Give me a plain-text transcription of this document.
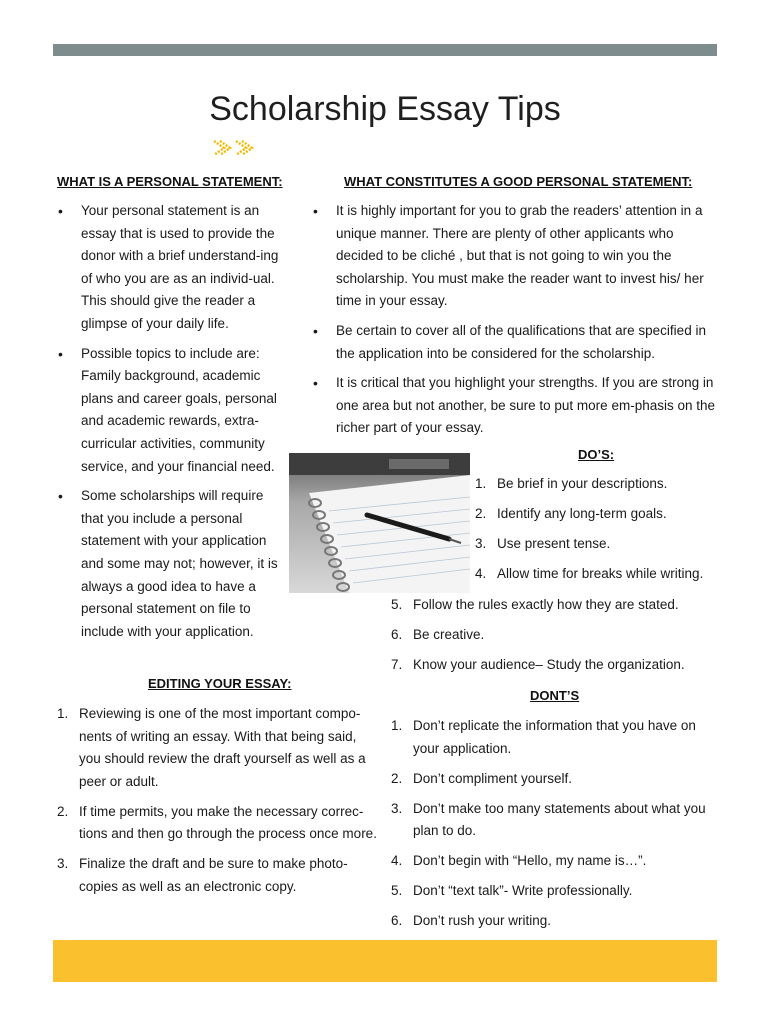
Scholarship Essay Tips
WHAT IS A PERSONAL STATEMENT:
• Your personal statement is an essay that is used to provide the donor with a brief understand-ing of who you are as an individ-ual. This should give the reader a glimpse of your daily life.
• Possible topics to include are: Family background, academic plans and career goals, personal and academic rewards, extra-curricular activities, community service, and your financial need.
• Some scholarships will require that you include a personal statement with your application and some may not; however, it is always a good idea to have a personal statement on file to include with your application.
WHAT CONSTITUTES A GOOD PERSONAL STATEMENT:
• It is highly important for you to grab the readers’ attention in a unique manner. There are plenty of other applicants who decided to be cliché , but that is not going to win you the scholarship. You must make the reader want to invest his/ her time in your essay.
• Be certain to cover all of the qualifications that are specified in the application into be considered for the scholarship.
• It is critical that you highlight your strengths. If you are strong in one area but not another, be sure to put more em-phasis on the richer part of your essay.
DO’S:
1. Be brief in your descriptions.
2. Identify any long-term goals.
3. Use present tense.
4. Allow time for breaks while writing.
5. Follow the rules exactly how they are stated.
6. Be creative.
7. Know your audience– Study the organization.
DONT’S
1. Don’t replicate the information that you have on your application.
2. Don’t compliment yourself.
3. Don’t make too many statements about what you plan to do.
4. Don’t begin with “Hello, my name is…”.
5. Don’t “text talk”- Write professionally.
6. Don’t rush your writing.
EDITING YOUR ESSAY:
1. Reviewing is one of the most important compo-nents of writing an essay. With that being said, you should review the draft yourself as well as a peer or adult.
2. If time permits, you make the necessary correc-tions and then go through the process once more.
3. Finalize the draft and be sure to make photo-copies as well as an electronic copy.
